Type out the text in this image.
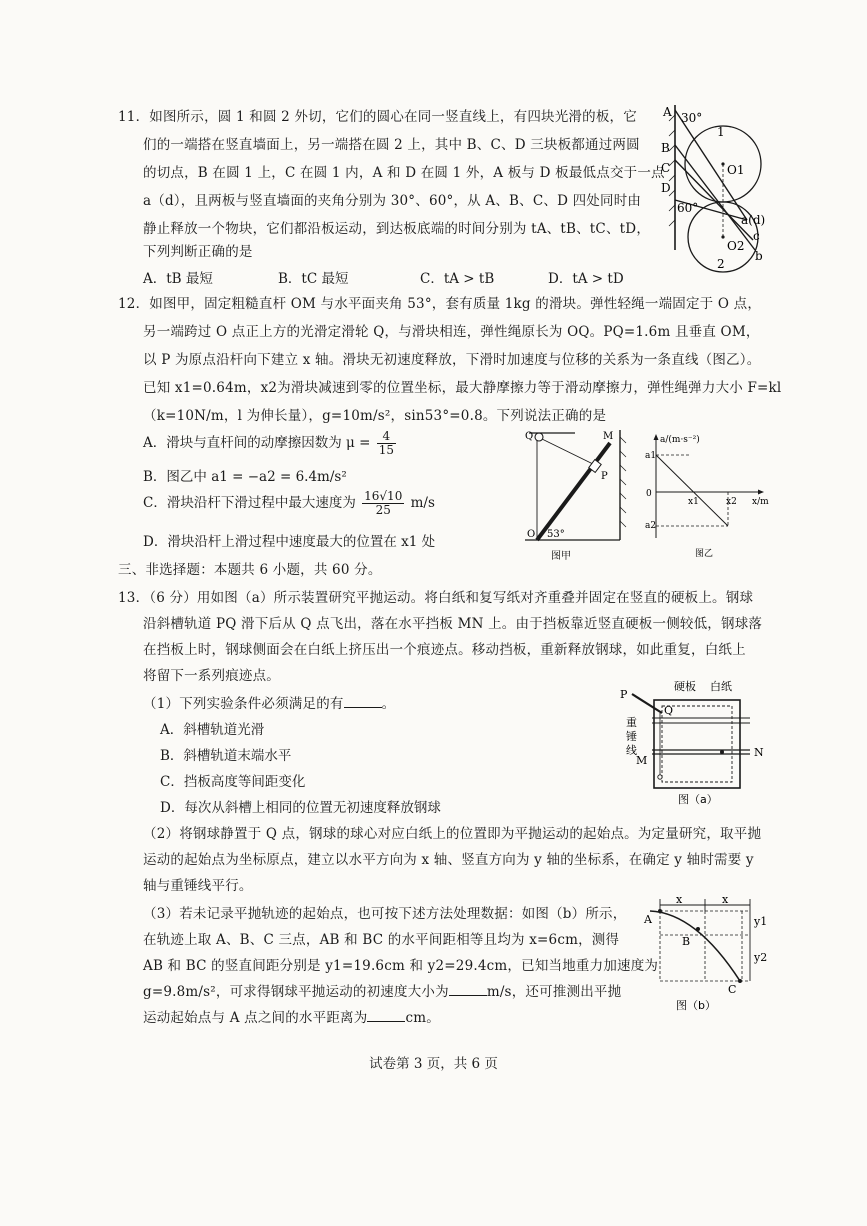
11．如图所示，圆 1 和圆 2 外切，它们的圆心在同一竖直线上，有四块光滑的板，它
们的一端搭在竖直墙面上，另一端搭在圆 2 上，其中 B、C、D 三块板都通过两圆
的切点，B 在圆 1 上，C 在圆 1 内，A 和 D 在圆 1 外，A 板与 D 板最低点交于一点
a（d），且两板与竖直墙面的夹角分别为 30°、60°，从 A、B、C、D 四处同时由
静止释放一个物块，它们都沿板运动，到达板底端的时间分别为 tA、tB、tC、tD，
下列判断正确的是
A．tB 最短	B．tC 最短	C．tA > tB	D．tA > tD
30°
60°
A
B
C
D
1
2
O1
O2
a(d)
c
b
12．如图甲，固定粗糙直杆 OM 与水平面夹角 53°，套有质量 1kg 的滑块。弹性轻绳一端固定于 O 点，
另一端跨过 O 点正上方的光滑定滑轮 Q，与滑块相连，弹性绳原长为 OQ。PQ=1.6m 且垂直 OM，
以 P 为原点沿杆向下建立 x 轴。滑块无初速度释放，下滑时加速度与位移的关系为一条直线（图乙）。
已知 x1=0.64m，x2为滑块减速到零的位置坐标，最大静摩擦力等于滑动摩擦力，弹性绳弹力大小 F=kl
（k=10N/m，l 为伸长量），g=10m/s²，sin53°=0.8。下列说法正确的是
A．滑块与直杆间的动摩擦因数为 $\mu = \frac{4}{15}$
B．图乙中 a1 = −a2 = 6.4m/s²
C．滑块沿杆下滑过程中最大速度为 $\frac{16√10}{25} m/s$
D．滑块沿杆上滑过程中速度最大的位置在 x1 处
Q	M
P
O 53°
图甲
a/(m·s⁻²)
x/m
a1
a2
0
x1	x2
图乙
三、非选择题：本题共 6 小题，共 60 分。
13．（6 分）用如图（a）所示装置研究平抛运动。将白纸和复写纸对齐重叠并固定在竖直的硬板上。钢球
沿斜槽轨道 PQ 滑下后从 Q 点飞出，落在水平挡板 MN 上。由于挡板靠近竖直硬板一侧较低，钢球落
在挡板上时，钢球侧面会在白纸上挤压出一个痕迹点。移动挡板，重新释放钢球，如此重复，白纸上
将留下一系列痕迹点。
（1）下列实验条件必须满足的有	。
A．斜槽轨道光滑
B．斜槽轨道末端水平
C．挡板高度等间距变化
D．每次从斜槽上相同的位置无初速度释放钢球
（2）将钢球静置于 Q 点，钢球的球心对应白纸上的位置即为平抛运动的起始点。为定量研究，取平抛
运动的起始点为坐标原点，建立以水平方向为 x 轴、竖直方向为 y 轴的坐标系，在确定 y 轴时需要 y
轴与重锤线平行。
（3）若未记录平抛轨迹的起始点，也可按下述方法处理数据：如图（b）所示，
在轨迹上取 A、B、C 三点，AB 和 BC 的水平间距相等且均为 x=6cm，测得
AB 和 BC 的竖直间距分别是 y1=19.6cm 和 y2=29.4cm，已知当地重力加速度为
g=9.8m/s²，可求得钢球平抛运动的初速度大小为	m/s，还可推测出平抛
运动起始点与 A 点之间的水平距离为	cm。
硬板 白纸
P
Q
重
锤
线
M
N
图（a）
x	x
A
B
C
y1
y2
图（b）
试卷第 3 页，共 6 页
